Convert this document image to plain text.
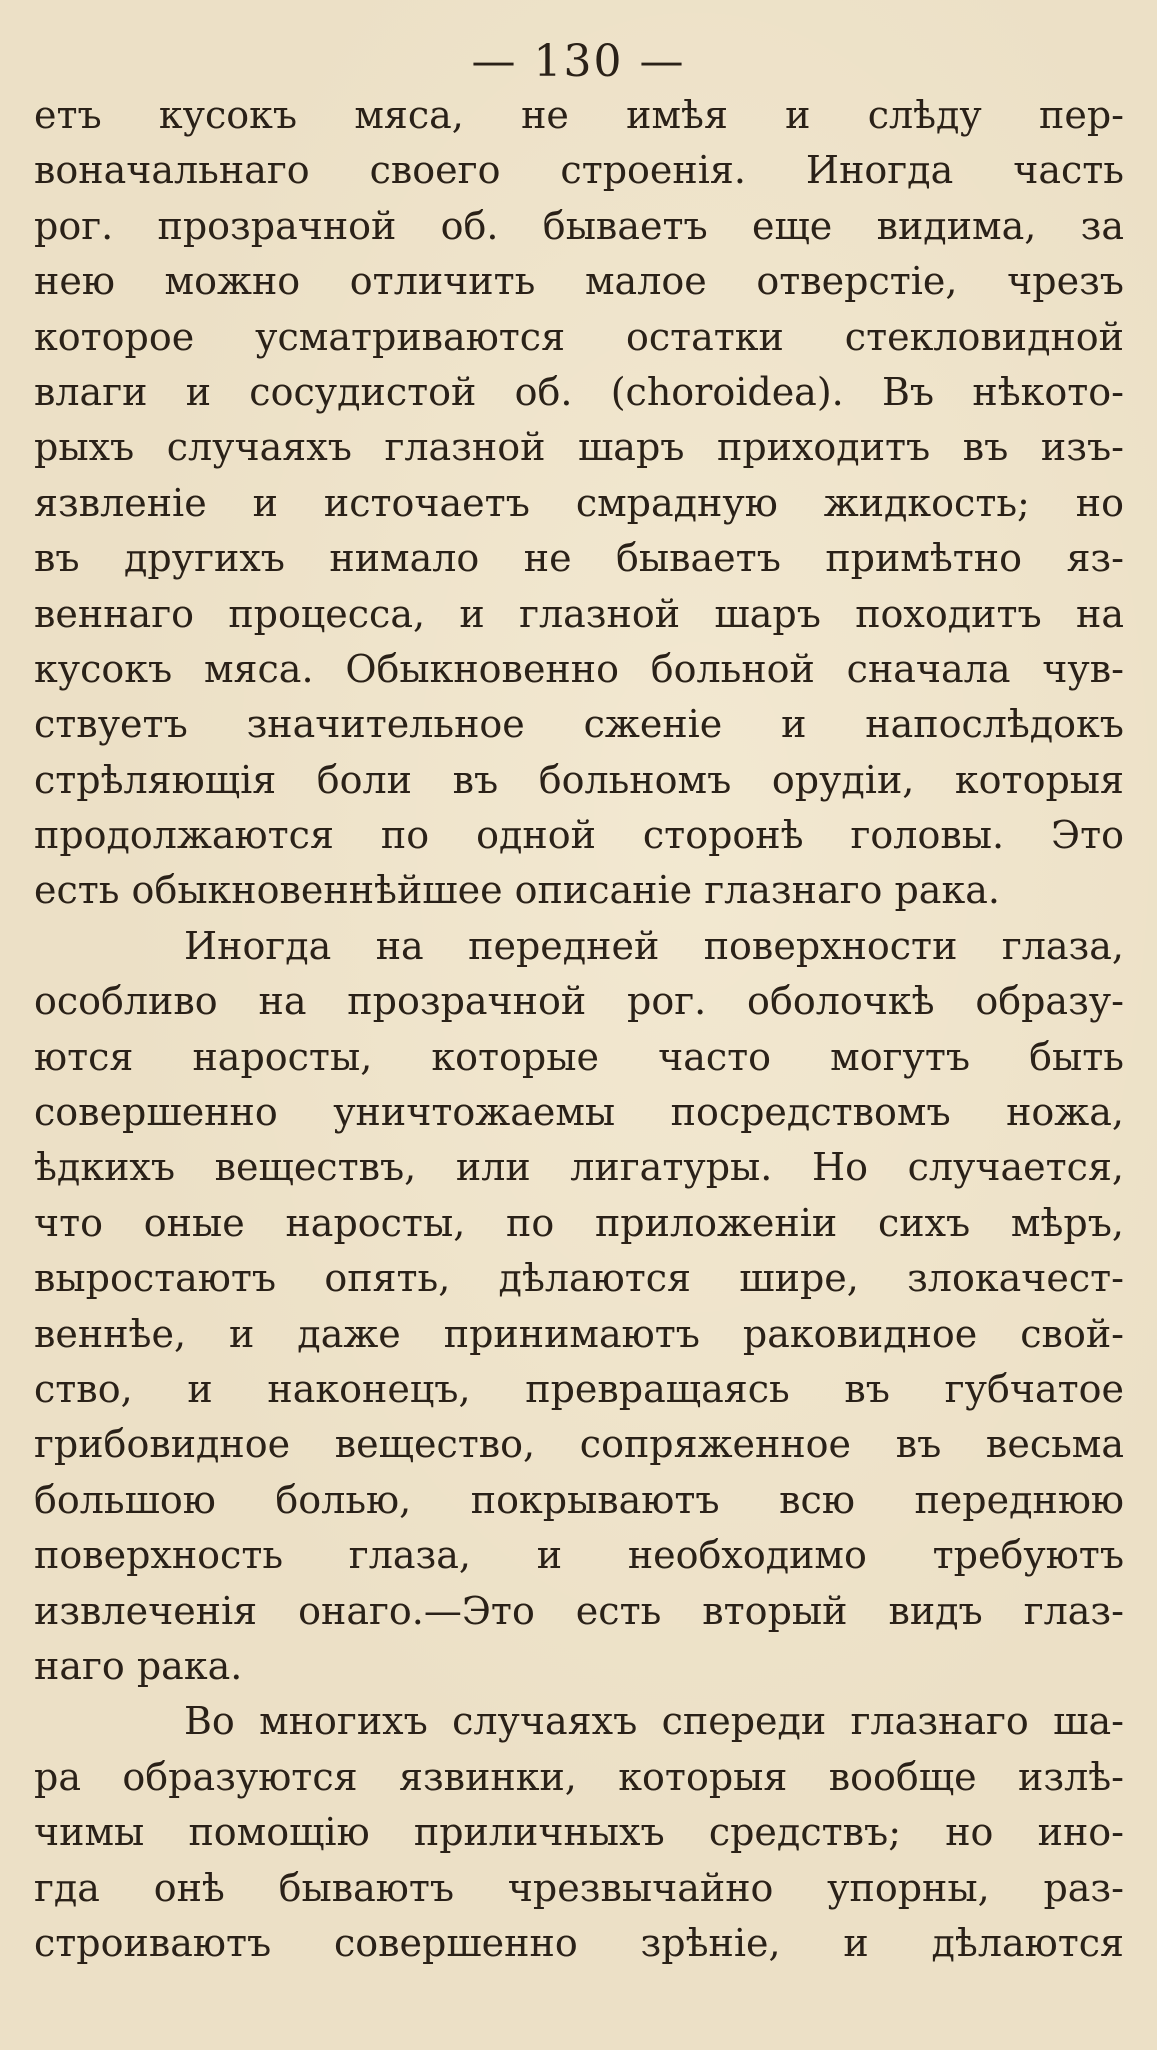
— 130 —
етъ кусокъ мяса, не имѣя и слѣду пер-
воначальнаго своего строенія. Иногда часть
рог. прозрачной об. бываетъ еще видима, за
нею можно отличить малое отверстіе, чрезъ
которое усматриваются остатки стекловидной
влаги и сосудистой об. (choroidea). Въ нѣкото-
рыхъ случаяхъ глазной шаръ приходитъ въ изъ-
язвленіе и источаетъ смрадную жидкость; но
въ другихъ нимало не бываетъ примѣтно яз-
веннаго процесса, и глазной шаръ походитъ на
кусокъ мяса. Обыкновенно больной сначала чув-
ствуетъ значительное сженіе и напослѣдокъ
стрѣляющія боли въ больномъ орудіи, которыя
продолжаются по одной сторонѣ головы. Это
есть обыкновеннѣйшее описаніе глазнаго рака.
Иногда на передней поверхности глаза,
особливо на прозрачной рог. оболочкѣ образу-
ются наросты, которые часто могутъ быть
совершенно уничтожаемы посредствомъ ножа,
ѣдкихъ веществъ, или лигатуры. Но случается,
что оные наросты, по приложеніи сихъ мѣръ,
выростаютъ опять, дѣлаются шире, злокачест-
веннѣе, и даже принимаютъ раковидное свой-
ство, и наконецъ, превращаясь въ губчатое
грибовидное вещество, сопряженное въ весьма
большою болью, покрываютъ всю переднюю
поверхность глаза, и необходимо требуютъ
извлеченія онаго.—Это есть вторый видъ глаз-
наго рака.
Во многихъ случаяхъ спереди глазнаго ша-
ра образуются язвинки, которыя вообще излѣ-
чимы помощію приличныхъ средствъ; но ино-
гда онѣ бываютъ чрезвычайно упорны, раз-
строиваютъ совершенно зрѣніе, и дѣлаются
